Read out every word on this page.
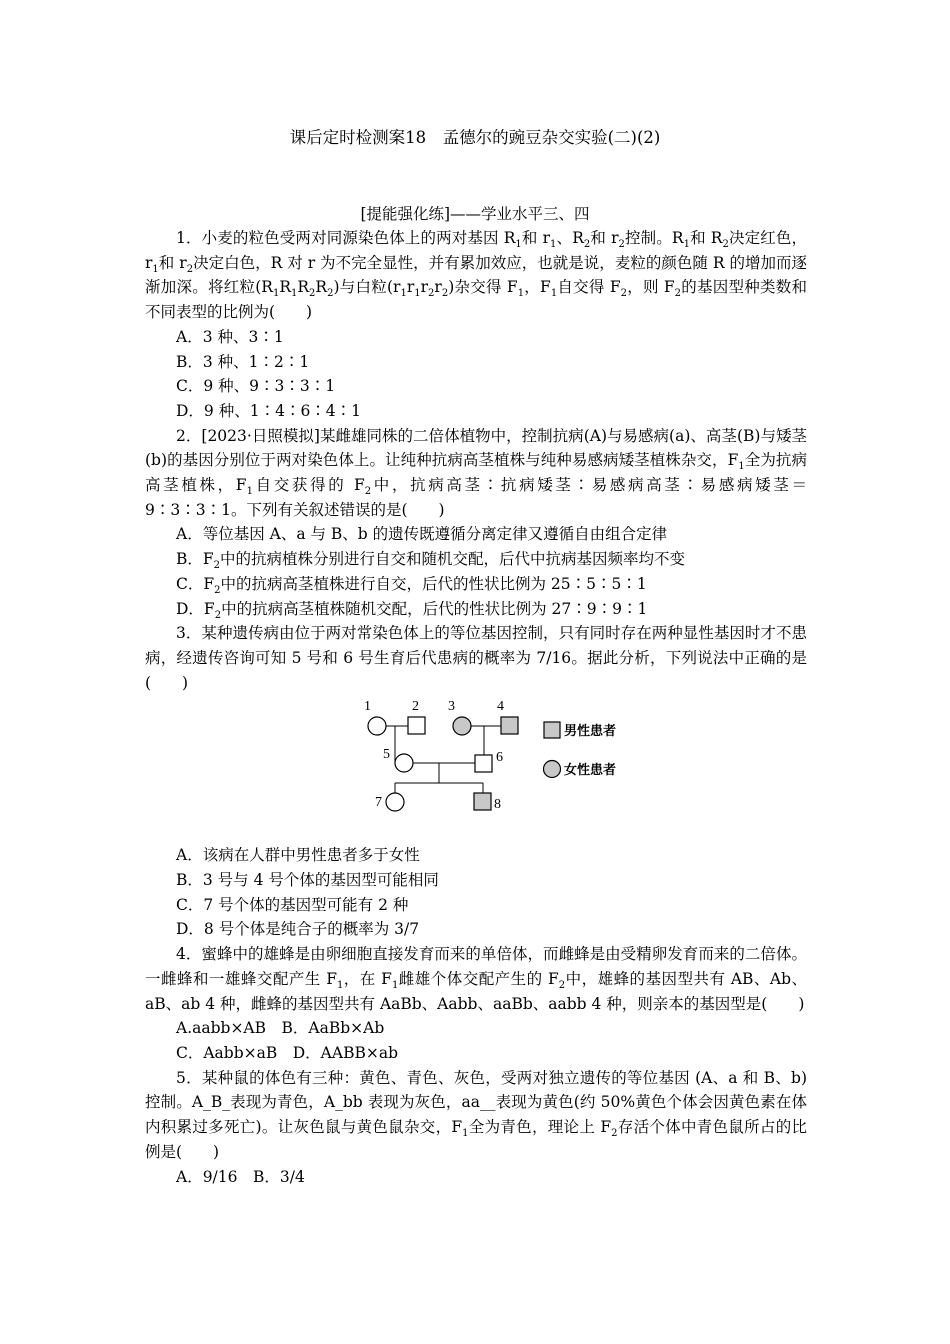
课后定时检测案18　孟德尔的豌豆杂交实验(二)(2)
[提能强化练]——学业水平三、四

1．小麦的粒色受两对同源染色体上的两对基因 $R_1$和 $r_1$、$R_2$和 $r_2$控制。$R_1$和 $R_2$决定红色，$r_1$和 $r_2$决定白色，R 对 r 为不完全显性，并有累加效应，也就是说，麦粒的颜色随 R 的增加而逐渐加深。将红粒$(R_1R_1R_2R_2)$与白粒$(r_1r_1r_2r_2)$杂交得 $F_1$，$F_1$自交得 $F_2$，则 $F_2$的基因型种类数和不同表型的比例为(　　)

A．3 种、3∶1

B．3 种、1∶2∶1

C．9 种、9∶3∶3∶1

D．9 种、1∶4∶6∶4∶1

2．[2023·日照模拟]某雌雄同株的二倍体植物中，控制抗病(A)与易感病(a)、高茎(B)与矮茎(b)的基因分别位于两对染色体上。让纯种抗病高茎植株与纯种易感病矮茎植株杂交，$F_1$全为抗病高茎植株，$F_1$自交获得的 $F_2$中，抗病高茎∶抗病矮茎∶易感病高茎∶易感病矮茎＝9∶3∶3∶1。下列有关叙述错误的是(　　)

A．等位基因 A、a 与 B、b 的遗传既遵循分离定律又遵循自由组合定律

B．$F_2$中的抗病植株分别进行自交和随机交配，后代中抗病基因频率均不变

C．$F_2$中的抗病高茎植株进行自交，后代的性状比例为 25∶5∶5∶1

D．$F_2$中的抗病高茎植株随机交配，后代的性状比例为 27∶9∶9∶1

3．某种遗传病由位于两对常染色体上的等位基因控制，只有同时存在两种显性基因时才不患病，经遗传咨询可知 5 号和 6 号生育后代患病的概率为 7/16。据此分析，下列说法中正确的是(　　)

1	2 3	4
5	6
7	8
男性患者
女性患者

A．该病在人群中男性患者多于女性

B．3 号与 4 号个体的基因型可能相同

C．7 号个体的基因型可能有 2 种

D．8 号个体是纯合子的概率为 3/7

4．蜜蜂中的雄蜂是由卵细胞直接发育而来的单倍体，而雌蜂是由受精卵发育而来的二倍体。一雌蜂和一雄蜂交配产生 $F_1$，在 $F_1$雌雄个体交配产生的 $F_2$中，雄蜂的基因型共有 AB、Ab、aB、ab 4 种，雌蜂的基因型共有 AaBb、Aabb、aaBb、aabb 4 种，则亲本的基因型是(　　)

A.aabb×AB　B．AaBb×Ab

C．Aabb×aB　D．AABB×ab

5．某种鼠的体色有三种：黄色、青色、灰色，受两对独立遗传的等位基因 (A、a 和 B、b)控制。A_B_表现为青色，A_bb 表现为灰色，aa__表现为黄色(约 50%黄色个体会因黄色素在体内积累过多死亡)。让灰色鼠与黄色鼠杂交，$F_1$全为青色，理论上 $F_2$存活个体中青色鼠所占的比例是(　　)

A．9/16　B．3/4
